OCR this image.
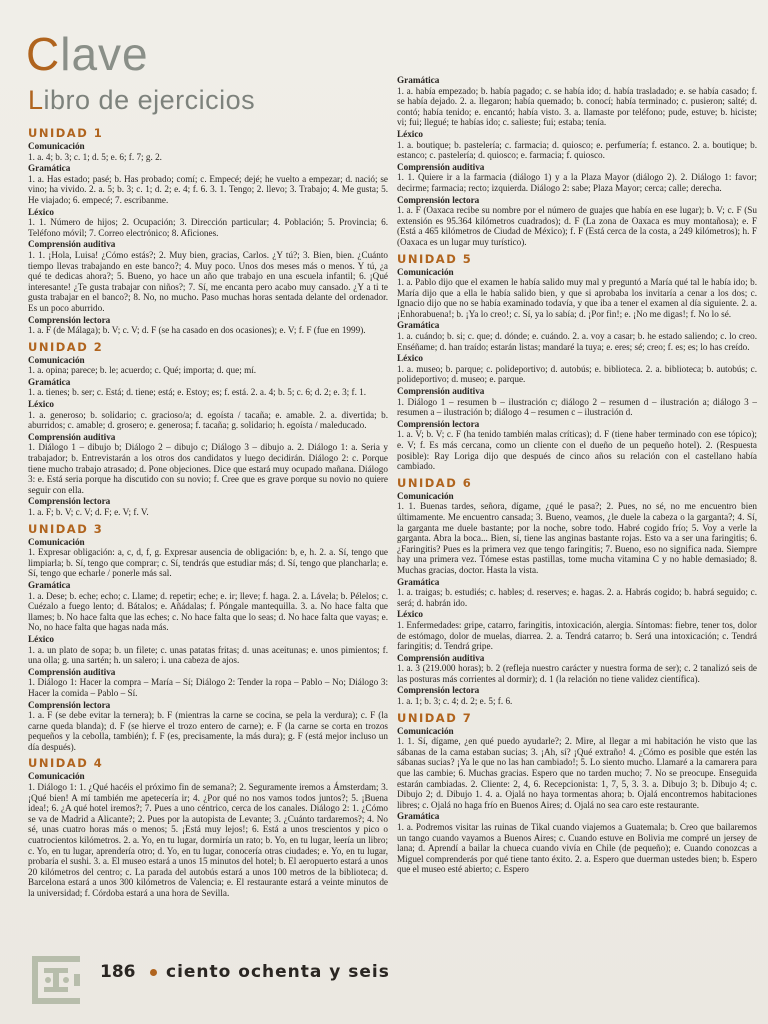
Clave
Libro de ejercicios
UNIDAD 1
Comunicación

1. a. 4; b. 3; c. 1; d. 5; e. 6; f. 7; g. 2.

Gramática

1. a. Has estado; pasé; b. Has probado; comí; c. Empecé; dejé; he vuelto a empezar; d. nació; se vino; ha vivido. 2. a. 5; b. 3; c. 1; d. 2; e. 4; f. 6. 3. 1. Tengo; 2. llevo; 3. Trabajo; 4. Me gusta; 5. He viajado; 6. empecé; 7. escribanme.

Léxico

1. 1. Número de hijos; 2. Ocupación; 3. Dirección particular; 4. Población; 5. Provincia; 6. Teléfono móvil; 7. Correo electrónico; 8. Aficiones.

Comprensión auditiva

1. 1. ¡Hola, Luisa! ¿Cómo estás?; 2. Muy bien, gracias, Carlos. ¿Y tú?; 3. Bien, bien. ¿Cuánto tiempo llevas trabajando en este banco?; 4. Muy poco. Unos dos meses más o menos. Y tú, ¿a qué te dedicas ahora?; 5. Bueno, yo hace un año que trabajo en una escuela infantil; 6. ¡Qué interesante! ¿Te gusta trabajar con niños?; 7. Sí, me encanta pero acabo muy cansado. ¿Y a ti te gusta trabajar en el banco?; 8. No, no mucho. Paso muchas horas sentada delante del ordenador. Es un poco aburrido.

Comprensión lectora

1. a. F (de Málaga); b. V; c. V; d. F (se ha casado en dos ocasiones); e. V; f. F (fue en 1999).

UNIDAD 2
Comunicación

1. a. opina; parece; b. le; acuerdo; c. Qué; importa; d. que; mí.

Gramática

1. a. tienes; b. ser; c. Está; d. tiene; está; e. Estoy; es; f. está. 2. a. 4; b. 5; c. 6; d. 2; e. 3; f. 1.

Léxico

1. a. generoso; b. solidario; c. gracioso/a; d. egoísta / tacaña; e. amable. 2. a. divertida; b. aburridos; c. amable; d. grosero; e. generosa; f. tacaña; g. solidario; h. egoísta / maleducado.

Comprensión auditiva

1. Diálogo 1 – dibujo b; Diálogo 2 – dibujo c; Diálogo 3 – dibujo a. 2. Diálogo 1: a. Seria y trabajador; b. Entrevistarán a los otros dos candidatos y luego decidirán. Diálogo 2: c. Porque tiene mucho trabajo atrasado; d. Pone objeciones. Dice que estará muy ocupado mañana. Diálogo 3: e. Está seria porque ha discutido con su novio; f. Cree que es grave porque su novio no quiere seguir con ella.

Comprensión lectora

1. a. F; b. V; c. V; d. F; e. V; f. V.

UNIDAD 3
Comunicación

1. Expresar obligación: a, c, d, f, g. Expresar ausencia de obligación: b, e, h. 2. a. Sí, tengo que limpiarla; b. Sí, tengo que comprar; c. Sí, tendrás que estudiar más; d. Sí, tengo que plancharla; e. Sí, tengo que echarle / ponerle más sal.

Gramática

1. a. Dese; b. eche; echo; c. Llame; d. repetir; eche; e. ir; lleve; f. haga. 2. a. Lávela; b. Pélelos; c. Cuézalo a fuego lento; d. Bátalos; e. Añádalas; f. Póngale mantequilla. 3. a. No hace falta que llames; b. No hace falta que las eches; c. No hace falta que lo seas; d. No hace falta que vayas; e. No, no hace falta que hagas nada más.

Léxico

1. a. un plato de sopa; b. un filete; c. unas patatas fritas; d. unas aceitunas; e. unos pimientos; f. una olla; g. una sartén; h. un salero; i. una cabeza de ajos.

Comprensión auditiva

1. Diálogo 1: Hacer la compra – María – Sí; Diálogo 2: Tender la ropa – Pablo – No; Diálogo 3: Hacer la comida – Pablo – Sí.

Comprensión lectora

1. a. F (se debe evitar la ternera); b. F (mientras la carne se cocina, se pela la verdura); c. F (la carne queda blanda); d. F (se hierve el trozo entero de carne); e. F (la carne se corta en trozos pequeños y la cebolla, también); f. F (es, precisamente, la más dura); g. F (está mejor incluso un día después).

UNIDAD 4
Comunicación

1. Diálogo 1: 1. ¿Qué hacéis el próximo fin de semana?; 2. Seguramente iremos a Ámsterdam; 3. ¡Qué bien! A mí también me apetecería ir; 4. ¿Por qué no nos vamos todos juntos?; 5. ¡Buena idea!; 6. ¿A qué hotel iremos?; 7. Pues a uno céntrico, cerca de los canales. Diálogo 2: 1. ¿Cómo se va de Madrid a Alicante?; 2. Pues por la autopista de Levante; 3. ¿Cuánto tardaremos?; 4. No sé, unas cuatro horas más o menos; 5. ¡Está muy lejos!; 6. Está a unos trescientos y pico o cuatrocientos kilómetros. 2. a. Yo, en tu lugar, dormiría un rato; b. Yo, en tu lugar, leería un libro; c. Yo, en tu lugar, aprendería otro; d. Yo, en tu lugar, conocería otras ciudades; e. Yo, en tu lugar, probaría el sushi. 3. a. El museo estará a unos 15 minutos del hotel; b. El aeropuerto estará a unos 20 kilómetros del centro; c. La parada del autobús estará a unos 100 metros de la biblioteca; d. Barcelona estará a unos 300 kilómetros de Valencia; e. El restaurante estará a veinte minutos de la universidad; f. Córdoba estará a una hora de Sevilla.

Gramática

1. a. había empezado; b. había pagado; c. se había ido; d. había trasladado; e. se había casado; f. se había dejado. 2. a. llegaron; había quemado; b. conocí; había terminado; c. pusieron; salté; d. contó; había tenido; e. encantó; había visto. 3. a. llamaste por teléfono; pude, estuve; b. hiciste; vi; fui; llegué; te habías ido; c. salieste; fui; estaba; tenía.

Léxico

1. a. boutique; b. pastelería; c. farmacia; d. quiosco; e. perfumería; f. estanco. 2. a. boutique; b. estanco; c. pastelería; d. quiosco; e. farmacia; f. quiosco.

Comprensión auditiva

1. 1. Quiere ir a la farmacia (diálogo 1) y a la Plaza Mayor (diálogo 2). 2. Diálogo 1: favor; decirme; farmacia; recto; izquierda. Diálogo 2: sabe; Plaza Mayor; cerca; calle; derecha.

Comprensión lectora

1. a. F (Oaxaca recibe su nombre por el número de guajes que había en ese lugar); b. V; c. F (Su extensión es 95.364 kilómetros cuadrados); d. F (La zona de Oaxaca es muy montañosa); e. F (Está a 465 kilómetros de Ciudad de México); f. F (Está cerca de la costa, a 249 kilómetros); h. F (Oaxaca es un lugar muy turístico).

UNIDAD 5
Comunicación

1. a. Pablo dijo que el examen le había salido muy mal y preguntó a María qué tal le había ido; b. María dijo que a ella le había salido bien, y que si aprobaba los invitaría a cenar a los dos; c. Ignacio dijo que no se había examinado todavía, y que iba a tener el examen al día siguiente. 2. a. ¡Enhorabuena!; b. ¡Ya lo creo!; c. Sí, ya lo sabía; d. ¡Por fin!; e. ¡No me digas!; f. No lo sé.

Gramática

1. a. cuándo; b. si; c. que; d. dónde; e. cuándo. 2. a. voy a casar; b. he estado saliendo; c. lo creo. Enséñame; d. han traído; estarán listas; mandaré la tuya; e. eres; sé; creo; f. es; es; lo has creído.

Léxico

1. a. museo; b. parque; c. polideportivo; d. autobús; e. biblioteca. 2. a. biblioteca; b. autobús; c. polideportivo; d. museo; e. parque.

Comprensión auditiva

1. Diálogo 1 – resumen b – ilustración c; diálogo 2 – resumen d – ilustración a; diálogo 3 – resumen a – ilustración b; diálogo 4 – resumen c – ilustración d.

Comprensión lectora

1. a. V; b. V; c. F (ha tenido también malas críticas); d. F (tiene haber terminado con ese tópico); e. V; f. Es más cercana, como un cliente con el dueño de un pequeño hotel). 2. (Respuesta posible): Ray Loriga dijo que después de cinco años su relación con el castellano había cambiado.

UNIDAD 6
Comunicación

1. 1. Buenas tardes, señora, dígame, ¿qué le pasa?; 2. Pues, no sé, no me encuentro bien últimamente. Me encuentro cansada; 3. Bueno, veamos, ¿le duele la cabeza o la garganta?; 4. Sí, la garganta me duele bastante; por la noche, sobre todo. Habré cogido frío; 5. Voy a verle la garganta. Abra la boca... Bien, sí, tiene las anginas bastante rojas. Esto va a ser una faringitis; 6. ¿Faringitis? Pues es la primera vez que tengo faringitis; 7. Bueno, eso no significa nada. Siempre hay una primera vez. Tómese estas pastillas, tome mucha vitamina C y no hable demasiado; 8. Muchas gracias, doctor. Hasta la vista.

Gramática

1. a. traigas; b. estudiés; c. hables; d. reserves; e. hagas. 2. a. Habrás cogido; b. habrá seguido; c. será; d. habrán ido.

Léxico

1. Enfermedades: gripe, catarro, faringitis, intoxicación, alergia. Síntomas: fiebre, tener tos, dolor de estómago, dolor de muelas, diarrea. 2. a. Tendrá catarro; b. Será una intoxicación; c. Tendrá faringitis; d. Tendrá gripe.

Comprensión auditiva

1. a. 3 (219.000 horas); b. 2 (refleja nuestro carácter y nuestra forma de ser); c. 2 tanalizó seis de las posturas más corrientes al dormir); d. 1 (la relación no tiene validez científica).

Comprensión lectora

1. a. 1; b. 3; c. 4; d. 2; e. 5; f. 6.

UNIDAD 7
Comunicación

1. 1. Sí, dígame, ¿en qué puedo ayudarle?; 2. Mire, al llegar a mi habitación he visto que las sábanas de la cama estaban sucias; 3. ¡Ah, sí? ¡Qué extraño! 4. ¿Cómo es posible que estén las sábanas sucias? ¡Ya le que no las han cambiado!; 5. Lo siento mucho. Llamaré a la camarera para que las cambie; 6. Muchas gracias. Espero que no tarden mucho; 7. No se preocupe. Enseguida estarán cambiadas. 2. Cliente: 2, 4, 6. Recepcionista: 1, 7, 5, 3. 3. a. Dibujo 3; b. Dibujo 4; c. Dibujo 2; d. Dibujo 1. 4. a. Ojalá no haya tormentas ahora; b. Ojalá encontremos habitaciones libres; c. Ojalá no haga frío en Buenos Aires; d. Ojalá no sea caro este restaurante.

Gramática

1. a. Podremos visitar las ruinas de Tikal cuando viajemos a Guatemala; b. Creo que bailaremos un tango cuando vayamos a Buenos Aires; c. Cuando estuve en Bolivia me compré un jersey de lana; d. Aprendí a bailar la chueca cuando vivía en Chile (de pequeño); e. Cuando conozcas a Miguel comprenderás por qué tiene tanto éxito. 2. a. Espero que duerman ustedes bien; b. Espero que el museo esté abierto; c. Espero

186 ciento ochenta y seis
